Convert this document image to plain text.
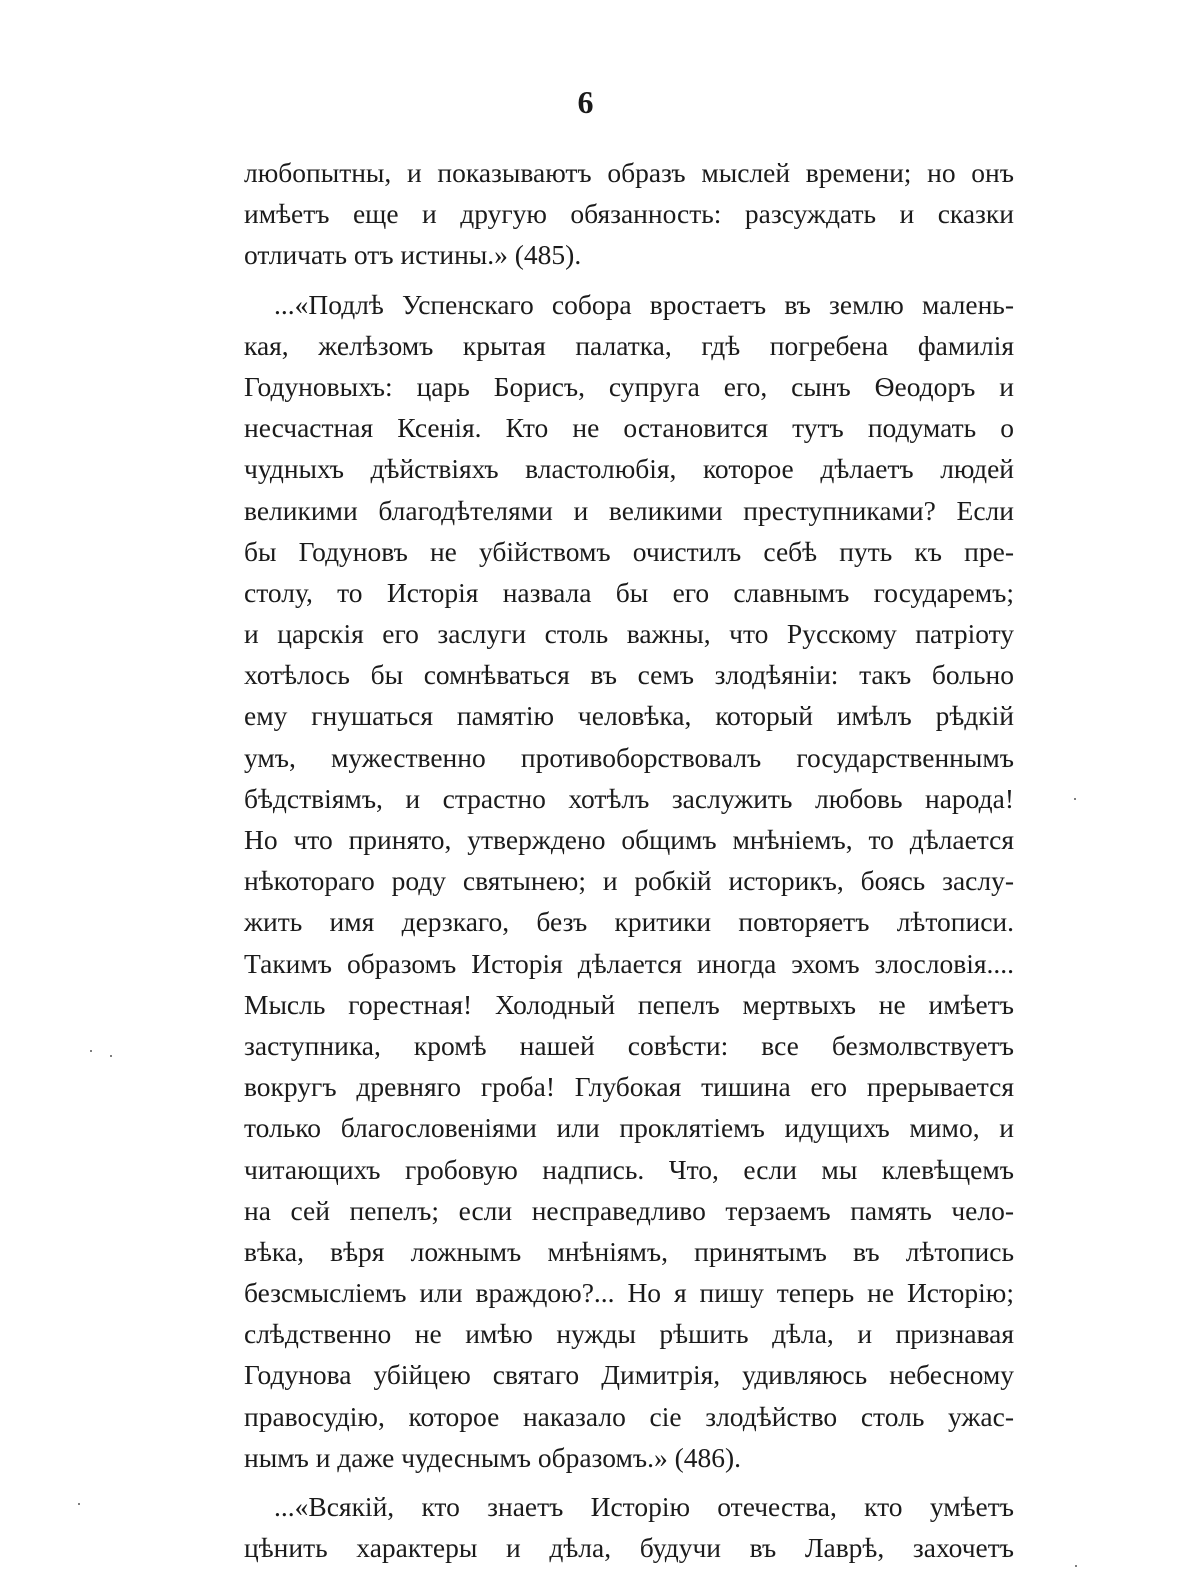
6
любопытны, и показываютъ образъ мыслей времени; но онъ
имѣетъ еще и другую обязанность: разсуждать и сказки
отличать отъ истины.» (485).
...«Подлѣ Успенскаго собора вростаетъ въ землю малень-
кая, желѣзомъ крытая палатка, гдѣ погребена фамилія
Годуновыхъ: царь Борисъ, супруга его, сынъ Ѳеодоръ и
несчастная Ксенія. Кто не остановится тутъ подумать о
чудныхъ дѣйствіяхъ властолюбія, которое дѣлаетъ людей
великими благодѣтелями и великими преступниками? Если
бы Годуновъ не убійствомъ очистилъ себѣ путь къ пре-
столу, то Исторія назвала бы его славнымъ государемъ;
и царскія его заслуги столь важны, что Русскому патріоту
хотѣлось бы сомнѣваться въ семъ злодѣяніи: такъ больно
ему гнушаться памятію человѣка, который имѣлъ рѣдкій
умъ, мужественно противоборствовалъ государственнымъ
бѣдствіямъ, и страстно хотѣлъ заслужить любовь народа!
Но что принято, утверждено общимъ мнѣніемъ, то дѣлается
нѣкотораго роду святынею; и робкій историкъ, боясь заслу-
жить имя дерзкаго, безъ критики повторяетъ лѣтописи.
Такимъ образомъ Исторія дѣлается иногда эхомъ злословія....
Мысль горестная! Холодный пепелъ мертвыхъ не имѣетъ
заступника, кромѣ нашей совѣсти: все безмолвствуетъ
вокругъ древняго гроба! Глубокая тишина его прерывается
только благословеніями или проклятіемъ идущихъ мимо, и
читающихъ гробовую надпись. Что, если мы клевѣщемъ
на сей пепелъ; если несправедливо терзаемъ память чело-
вѣка, вѣря ложнымъ мнѣніямъ, принятымъ въ лѣтопись
безсмысліемъ или враждою?... Но я пишу теперь не Исторію;
слѣдственно не имѣю нужды рѣшить дѣла, и признавая
Годунова убійцею святаго Димитрія, удивляюсь небесному
правосудію, которое наказало сіе злодѣйство столь ужас-
нымъ и даже чудеснымъ образомъ.» (486).
...«Всякій, кто знаетъ Исторію отечества, кто умѣетъ
цѣнить характеры и дѣла, будучи въ Лаврѣ, захочетъ
